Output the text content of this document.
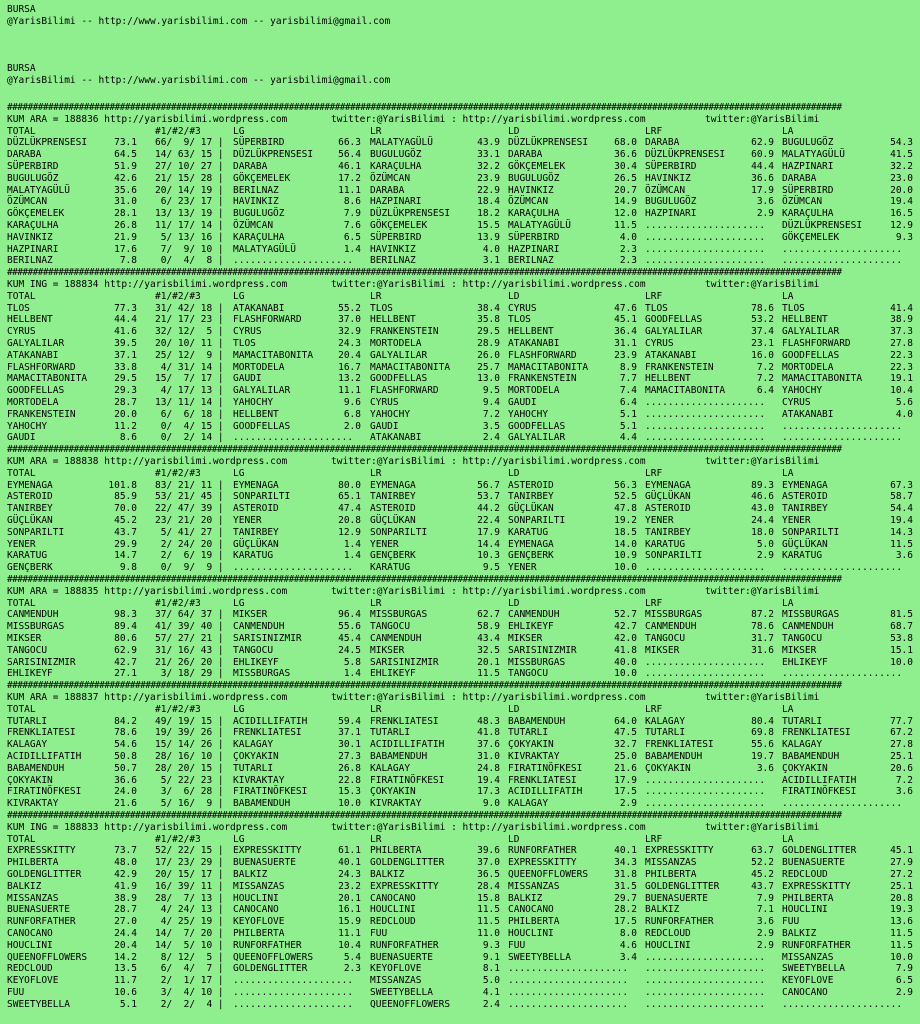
BURSA
@YarisBilimi -- http://www.yarisbilimi.com -- yarisbilimi@gmail.com
BURSA
@YarisBilimi -- http://www.yarisbilimi.com -- yarisbilimi@gmail.com
###################################################################################################################################################################
KUM ARA = 188836 http://yarisbilimi.wordpress.com	twitter:@YarisBilimi : http://yarisbilimi.wordpress.com	twitter:@YarisBilimi
TOTAL	#1/#2/#3	LG	LR	LD	LRF	LA
DÜZLÜKPRENSESI	73.1 66/  9/ 17 | SÜPERBIRD	66.3 MALATYAGÜLÜ	43.9 DÜZLÜKPRENSESI	68.0 DARABA	62.9 BUGULUGÖZ	54.3
DARABA	64.5 14/ 63/ 15 | DÜZLÜKPRENSESI	56.4 BUGULUGÖZ	33.1 DARABA	36.6 DÜZLÜKPRENSESI	60.9 MALATYAGÜLÜ	41.5
SÜPERBIRD	51.9 27/ 10/ 27 | DARABA	46.1 KARAÇULHA	32.2 GÖKÇEMELEK	30.4 SÜPERBIRD	44.4 HAZPINARI	32.2
BUGULUGÖZ	42.6 21/ 15/ 28 | GÖKÇEMELEK	17.2 ÖZÜMCAN	23.9 BUGULUGÖZ	26.5 HAVINKIZ	36.6 DARABA	23.0
MALATYAGÜLÜ	35.6 20/ 14/ 19 | BERILNAZ	11.1 DARABA	22.9 HAVINKIZ	20.7 ÖZÜMCAN	17.9 SÜPERBIRD	20.0
ÖZÜMCAN	31.0 6/ 23/ 17 | HAVINKIZ	8.6 HAZPINARI	18.4 ÖZÜMCAN	14.9 BUGULUGÖZ	3.6 ÖZÜMCAN	19.4
GÖKÇEMELEK	28.1 13/ 13/ 19 | BUGULUGÖZ	7.9 DÜZLÜKPRENSESI	18.2 KARAÇULHA	12.0 HAZPINARI	2.9 KARAÇULHA	16.5
KARAÇULHA	26.8 11/ 17/ 14 | ÖZÜMCAN	7.6 GÖKÇEMELEK	15.5 MALATYAGÜLÜ	11.5 ..................... DÜZLÜKPRENSESI	12.9
HAVINKIZ	21.9 5/ 13/ 16 | KARAÇULHA	6.5 SÜPERBIRD	13.9 SÜPERBIRD	4.0 ..................... GÖKÇEMELEK	9.3
HAZPINARI	17.6 7/  9/ 10 | MALATYAGÜLÜ	1.4 HAVINKIZ	4.0 HAZPINARI	2.3 ..................... .....................
BERILNAZ	7.8 0/  4/  8 | ..................... BERILNAZ	3.1 BERILNAZ	2.3 ..................... .....................
###################################################################################################################################################################
KUM ING = 188834 http://yarisbilimi.wordpress.com	twitter:@YarisBilimi : http://yarisbilimi.wordpress.com	twitter:@YarisBilimi
TOTAL	#1/#2/#3	LG	LR	LD	LRF	LA
TLOS	77.3 31/ 42/ 18 | ATAKANABI	55.2 TLOS	38.4 CYRUS	47.6 TLOS	78.6 TLOS	41.4
HELLBENT	44.4 21/ 17/ 23 | FLASHFORWARD	37.0 HELLBENT	35.8 TLOS	45.1 GOODFELLAS	53.2 HELLBENT	38.9
CYRUS	41.6 32/ 12/  5 | CYRUS	32.9 FRANKENSTEIN	29.5 HELLBENT	36.4 GALYALILAR	37.4 GALYALILAR	37.3
GALYALILAR	39.5 20/ 10/ 11 | TLOS	24.3 MORTODELA	28.9 ATAKANABI	31.1 CYRUS	23.1 FLASHFORWARD	27.8
ATAKANABI	37.1 25/ 12/  9 | MAMACITABONITA	20.4 GALYALILAR	26.0 FLASHFORWARD	23.9 ATAKANABI	16.0 GOODFELLAS	22.3
FLASHFORWARD	33.8 4/ 31/ 14 | MORTODELA	16.7 MAMACITABONITA	25.7 MAMACITABONITA	8.9 FRANKENSTEIN	7.2 MORTODELA	22.3
MAMACITABONITA	29.5 15/  7/ 17 | GAUDI	13.2 GOODFELLAS	13.0 FRANKENSTEIN	7.7 HELLBENT	7.2 MAMACITABONITA	19.1
GOODFELLAS	29.3 4/ 17/ 13 | GALYALILAR	11.1 FLASHFORWARD	9.5 MORTODELA	7.4 MAMACITABONITA	6.4 YAHOCHY	10.4
MORTODELA	28.7 13/ 11/ 14 | YAHOCHY	9.6 CYRUS	9.4 GAUDI	6.4 ..................... CYRUS	5.6
FRANKENSTEIN	20.0 6/  6/ 18 | HELLBENT	6.8 YAHOCHY	7.2 YAHOCHY	5.1 ..................... ATAKANABI	4.0
YAHOCHY	11.2 0/  4/ 15 | GOODFELLAS	2.0 GAUDI	3.5 GOODFELLAS	5.1 ..................... .....................
GAUDI	8.6 0/  2/ 14 | ..................... ATAKANABI	2.4 GALYALILAR	4.4 ..................... .....................
###################################################################################################################################################################
KUM ARA = 188838 http://yarisbilimi.wordpress.com	twitter:@YarisBilimi : http://yarisbilimi.wordpress.com	twitter:@YarisBilimi
TOTAL	#1/#2/#3	LG	LR	LD	LRF	LA
EYMENAGA	101.8 83/ 21/ 11 | EYMENAGA	80.0 EYMENAGA	56.7 ASTEROID	56.3 EYMENAGA	89.3 EYMENAGA	67.3
ASTEROID	85.9 53/ 21/ 45 | SONPARILTI	65.1 TANIRBEY	53.7 TANIRBEY	52.5 GÜÇLÜKAN	46.6 ASTEROID	58.7
TANIRBEY	70.0 22/ 47/ 39 | ASTEROID	47.4 ASTEROID	44.2 GÜÇLÜKAN	47.8 ASTEROID	43.0 TANIRBEY	54.4
GÜÇLÜKAN	45.2 23/ 21/ 20 | YENER	20.8 GÜÇLÜKAN	22.4 SONPARILTI	19.2 YENER	24.4 YENER	19.4
SONPARILTI	43.7 5/ 41/ 27 | TANIRBEY	12.9 SONPARILTI	17.9 KARATUG	18.5 TANIRBEY	18.0 SONPARILTI	14.3
YENER	29.9 2/ 24/ 20 | GÜÇLÜKAN	1.4 YENER	14.4 EYMENAGA	14.0 KARATUG	5.0 GÜÇLÜKAN	11.5
KARATUG	14.7 2/  6/ 19 | KARATUG	1.4 GENÇBERK	10.3 GENÇBERK	10.9 SONPARILTI	2.9 KARATUG	3.6
GENÇBERK	9.8 0/  9/  9 | ..................... KARATUG	9.5 YENER	10.0 ..................... .....................
###################################################################################################################################################################
KUM ARA = 188835 http://yarisbilimi.wordpress.com	twitter:@YarisBilimi : http://yarisbilimi.wordpress.com	twitter:@YarisBilimi
TOTAL	#1/#2/#3	LG	LR	LD	LRF	LA
CANMENDUH	98.3 37/ 64/ 37 | MIKSER	96.4 MISSBURGAS	62.7 CANMENDUH	52.7 MISSBURGAS	87.2 MISSBURGAS	81.5
MISSBURGAS	89.4 41/ 39/ 40 | CANMENDUH	55.6 TANGOCU	58.9 EHLIKEYF	42.7 CANMENDUH	78.6 CANMENDUH	68.7
MIKSER	80.6 57/ 27/ 21 | SARISINIZMIR	45.4 CANMENDUH	43.4 MIKSER	42.0 TANGOCU	31.7 TANGOCU	53.8
TANGOCU	62.9 31/ 16/ 43 | TANGOCU	24.5 MIKSER	32.5 SARISINIZMIR	41.8 MIKSER	31.6 MIKSER	15.1
SARISINIZMIR	42.7 21/ 26/ 20 | EHLIKEYF	5.8 SARISINIZMIR	20.1 MISSBURGAS	40.0 ..................... EHLIKEYF	10.0
EHLIKEYF	27.1 3/ 18/ 29 | MISSBURGAS	1.4 EHLIKEYF	11.5 TANGOCU	10.0 ..................... .....................
###################################################################################################################################################################
KUM ARA = 188837 http://yarisbilimi.wordpress.com	twitter:@YarisBilimi : http://yarisbilimi.wordpress.com	twitter:@YarisBilimi
TOTAL	#1/#2/#3	LG	LR	LD	LRF	LA
TUTARLI	84.2 49/ 19/ 15 | ACIDILLIFATIH	59.4 FRENKLIATESI	48.3 BABAMENDUH	64.0 KALAGAY	80.4 TUTARLI	77.7
FRENKLIATESI	78.6 19/ 39/ 26 | FRENKLIATESI	37.1 TUTARLI	41.8 TUTARLI	47.5 TUTARLI	69.8 FRENKLIATESI	67.2
KALAGAY	54.6 15/ 14/ 26 | KALAGAY	30.1 ACIDILLIFATIH	37.6 ÇOKYAKIN	32.7 FRENKLIATESI	55.6 KALAGAY	27.8
ACIDILLIFATIH	50.8 28/ 16/ 10 | ÇOKYAKIN	27.3 BABAMENDUH	31.0 KIVRAKTAY	25.0 BABAMENDUH	19.7 BABAMENDUH	25.1
BABAMENDUH	50.7 28/ 20/ 15 | TUTARLI	26.8 KALAGAY	24.8 FIRATINÖFKESI	21.6 ÇOKYAKIN	3.6 ÇOKYAKIN	20.6
ÇOKYAKIN	36.6 5/ 22/ 23 | KIVRAKTAY	22.8 FIRATINÖFKESI	19.4 FRENKLIATESI	17.9 ..................... ACIDILLIFATIH	7.2
FIRATINÖFKESI	24.0 3/  6/ 28 | FIRATINÖFKESI	15.3 ÇOKYAKIN	17.3 ACIDILLIFATIH	17.5 ..................... FIRATINÖFKESI	3.6
KIVRAKTAY	21.6 5/ 16/  9 | BABAMENDUH	10.0 KIVRAKTAY	9.0 KALAGAY	2.9 ..................... .....................
###################################################################################################################################################################
KUM ING = 188833 http://yarisbilimi.wordpress.com	twitter:@YarisBilimi : http://yarisbilimi.wordpress.com	twitter:@YarisBilimi
TOTAL	#1/#2/#3	LG	LR	LD	LRF	LA
EXPRESSKITTY	73.7 52/ 22/ 15 | EXPRESSKITTY	61.1 PHILBERTA	39.6 RUNFORFATHER	40.1 EXPRESSKITTY	63.7 GOLDENGLITTER	45.1
PHILBERTA	48.0 17/ 23/ 29 | BUENASUERTE	40.1 GOLDENGLITTER	37.0 EXPRESSKITTY	34.3 MISSANZAS	52.2 BUENASUERTE	27.9
GOLDENGLITTER	42.9 20/ 15/ 17 | BALKIZ	24.3 BALKIZ	36.5 QUEENOFFLOWERS	31.8 PHILBERTA	45.2 REDCLOUD	27.2
BALKIZ	41.9 16/ 39/ 11 | MISSANZAS	23.2 EXPRESSKITTY	28.4 MISSANZAS	31.5 GOLDENGLITTER	43.7 EXPRESSKITTY	25.1
MISSANZAS	38.9 28/  7/ 13 | HOUCLINI	20.1 CANOCANO	15.8 BALKIZ	29.7 BUENASUERTE	7.9 PHILBERTA	20.8
BUENASUERTE	28.7 4/ 24/ 13 | CANOCANO	16.1 HOUCLINI	11.5 CANOCANO	28.2 BALKIZ	7.1 HOUCLINI	19.3
RUNFORFATHER	27.0 4/ 25/ 19 | KEYOFLOVE	15.9 REDCLOUD	11.5 PHILBERTA	17.5 RUNFORFATHER	3.6 FUU	13.6
CANOCANO	24.4 14/  7/ 20 | PHILBERTA	11.1 FUU	11.0 HOUCLINI	8.0 REDCLOUD	2.9 BALKIZ	11.5
HOUCLINI	20.4 14/  5/ 10 | RUNFORFATHER	10.4 RUNFORFATHER	9.3 FUU	4.6 HOUCLINI	2.9 RUNFORFATHER	11.5
QUEENOFFLOWERS	14.2 8/ 12/  5 | QUEENOFFLOWERS	5.4 BUENASUERTE	9.1 SWEETYBELLA	3.4 ..................... MISSANZAS	10.0
REDCLOUD	13.5 6/  4/  7 | GOLDENGLITTER	2.3 KEYOFLOVE	8.1 ..................... ..................... SWEETYBELLA	7.9
KEYOFLOVE	11.7 2/  1/ 17 | ..................... MISSANZAS	5.0 ..................... ..................... KEYOFLOVE	6.5
FUU	10.6 3/  4/ 10 | ..................... SWEETYBELLA	4.1 ..................... ..................... CANOCANO	2.9
SWEETYBELLA	5.1 2/  2/  4 | ..................... QUEENOFFLOWERS	2.4 ..................... ..................... .....................
